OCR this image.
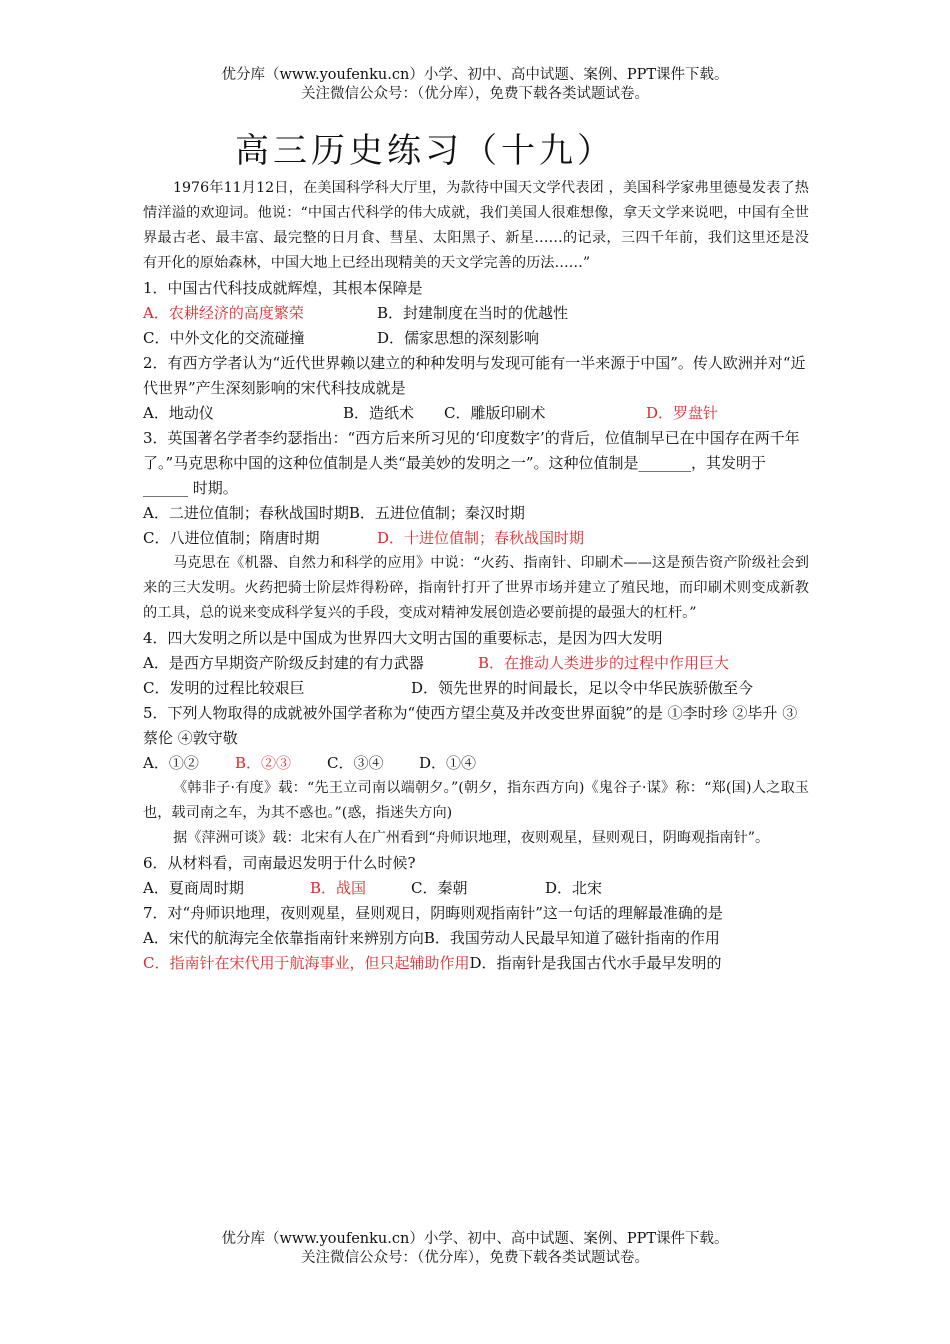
优分库（www.youfenku.cn）小学、初中、高中试题、案例、PPT课件下载。
关注微信公众号：（优分库），免费下载各类试题试卷。
高三历史练习（十九）

1976年11月12日，在美国科学科大厅里，为款待中国天文学代表团 ，美国科学家弗里德曼发表了热情洋溢的欢迎词。他说：“中国古代科学的伟大成就，我们美国人很难想像，拿天文学来说吧，中国有全世界最古老、最丰富、最完整的日月食、彗星、太阳黑子、新星……的记录，三四千年前，我们这里还是没有开化的原始森林，中国大地上已经出现精美的天文学完善的历法……”

1．中国古代科技成就辉煌，其根本保障是

A．农耕经济的高度繁荣	B．封建制度在当时的优越性
C．中外文化的交流碰撞	D．儒家思想的深刻影响

2．有西方学者认为“近代世界赖以建立的种种发明与发现可能有一半来源于中国”。传人欧洲并对“近代世界”产生深刻影响的宋代科技成就是

A．地动仪	B．造纸术	C．雕版印刷术	D．罗盘针

3．英国著名学者李约瑟指出：“西方后来所习见的‘印度数字’的背后，位值制早已在中国存在两千年了。”马克思称中国的这种位值制是人类“最美妙的发明之一”。这种位值制是_______，其发明于______ 时期。

A．二进位值制；春秋战国时期 B．五进位值制；秦汉时期
C．八进位值制；隋唐时期	D．十进位值制；春秋战国时期

马克思在《机器、自然力和科学的应用》中说：“火药、指南针、印刷术——这是预告资产阶级社会到来的三大发明。火药把骑士阶层炸得粉碎，指南针打开了世界市场并建立了殖民地，而印刷术则变成新教的工具，总的说来变成科学复兴的手段，变成对精神发展创造必要前提的最强大的杠杆。”

4．四大发明之所以是中国成为世界四大文明古国的重要标志，是因为四大发明

A．是西方早期资产阶级反封建的有力武器	B．在推动人类进步的过程中作用巨大
C．发明的过程比较艰巨	D．领先世界的时间最长，足以令中华民族骄傲至今

5．下列人物取得的成就被外国学者称为“使西方望尘莫及并改变世界面貌”的是 ①李时珍 ②毕升 ③蔡伦 ④敦守敬

A．①②	B．②③	C．③④	D．①④

《韩非子·有度》载：“先王立司南以端朝夕。”(朝夕，指东西方向)《鬼谷子·谋》称：“郑(国)人之取玉也，载司南之车，为其不惑也。”(惑，指迷失方向)

据《萍洲可谈》载：北宋有人在广州看到“舟师识地理，夜则观星，昼则观日，阴晦观指南针”。

6．从材料看，司南最迟发明于什么时候?

A．夏商周时期	B．战国	C．秦朝	D．北宋

7．对“舟师识地理，夜则观星，昼则观日，阴晦则观指南针”这一句话的理解最准确的是

A．宋代的航海完全依靠指南针来辨别方向 B．我国劳动人民最早知道了磁针指南的作用
C．指南针在宋代用于航海事业，但只起辅助作用 D．指南针是我国古代水手最早发明的
优分库（www.youfenku.cn）小学、初中、高中试题、案例、PPT课件下载。
关注微信公众号：（优分库），免费下载各类试题试卷。
